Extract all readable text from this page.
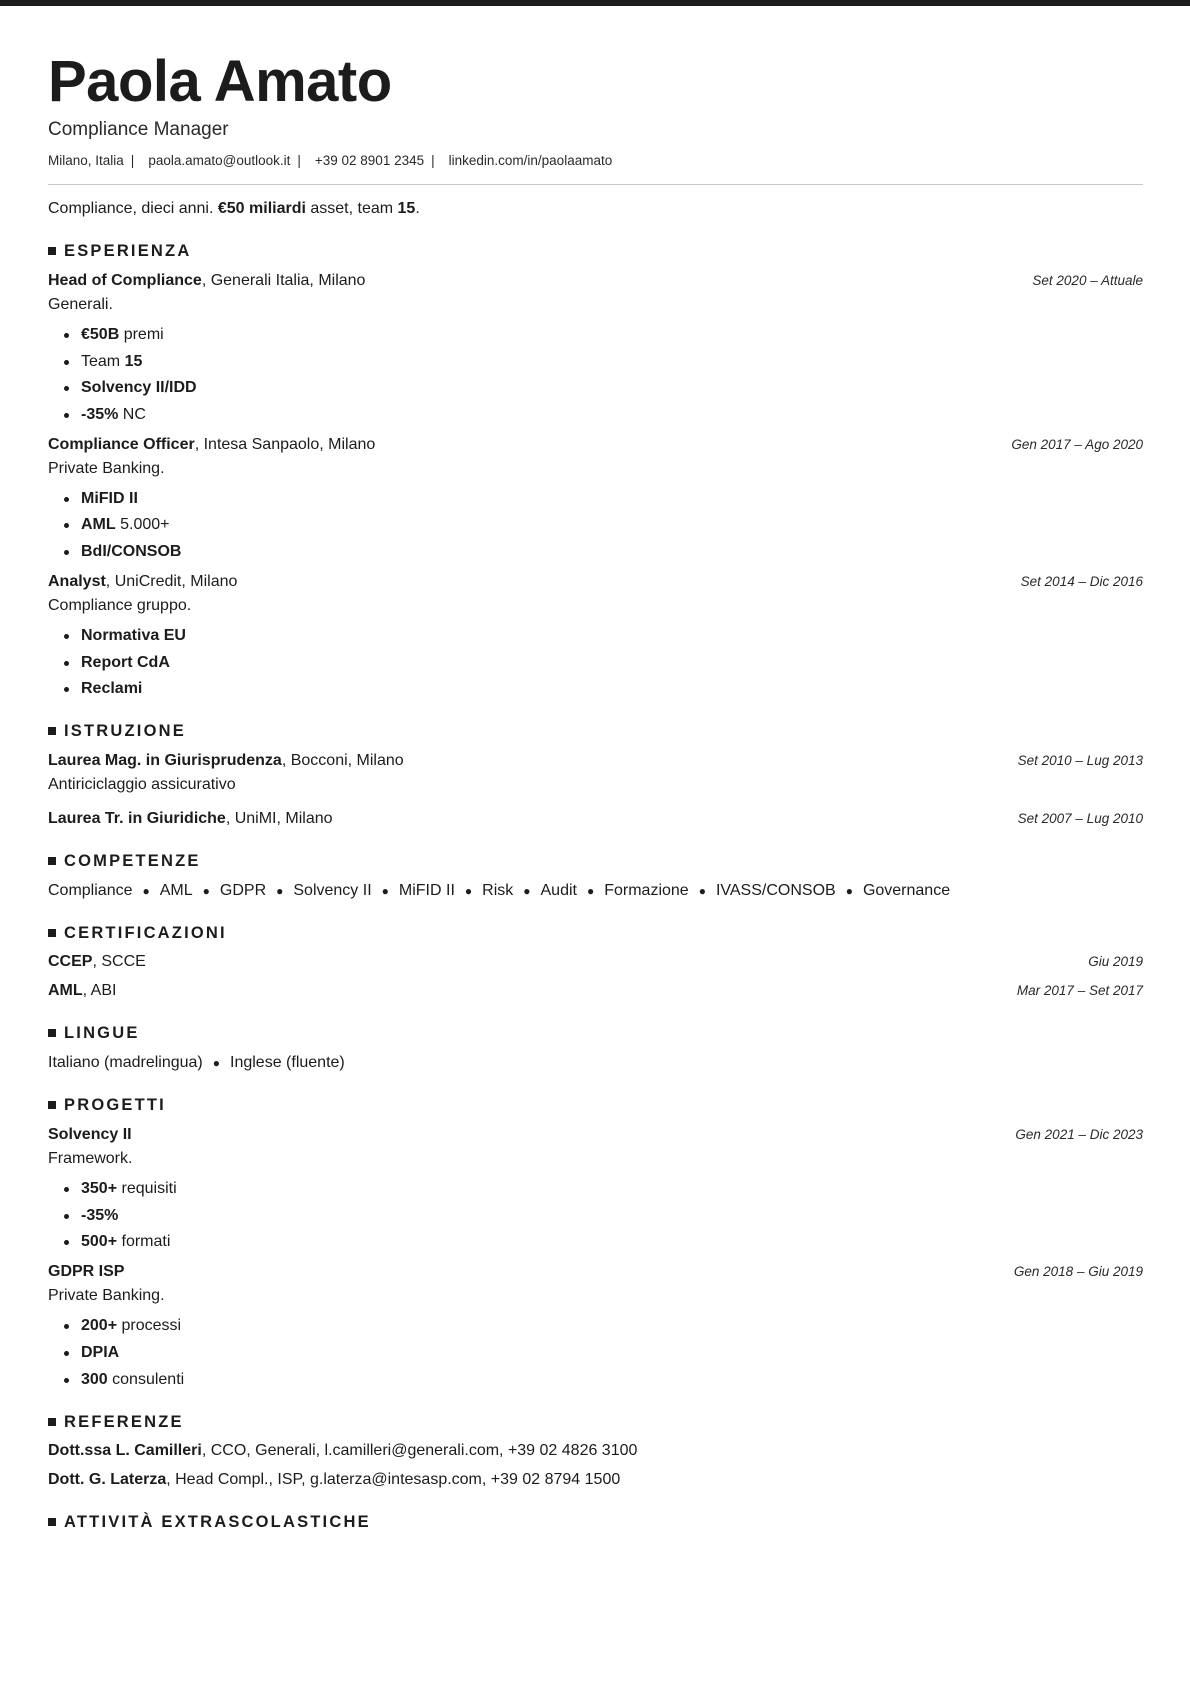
Paola Amato
Compliance Manager
Milano, Italia | paola.amato@outlook.it | +39 02 8901 2345 | linkedin.com/in/paolaamato
Compliance, dieci anni. €50 miliardi asset, team 15.
ESPERIENZA
Head of Compliance, Generali Italia, Milano	Set 2020 – Attuale
Generali.
€50B premi
Team 15
Solvency II/IDD
-35% NC
Compliance Officer, Intesa Sanpaolo, Milano	Gen 2017 – Ago 2020
Private Banking.
MiFID II
AML 5.000+
BdI/CONSOB
Analyst, UniCredit, Milano	Set 2014 – Dic 2016
Compliance gruppo.
Normativa EU
Report CdA
Reclami
ISTRUZIONE
Laurea Mag. in Giurisprudenza, Bocconi, Milano	Set 2010 – Lug 2013
Antiriciclaggio assicurativo
Laurea Tr. in Giuridiche, UniMI, Milano	Set 2007 – Lug 2010
COMPETENZE
Compliance ● AML ● GDPR ● Solvency II ● MiFID II ● Risk ● Audit ● Formazione ● IVASS/CONSOB ● Governance
CERTIFICAZIONI
CCEP, SCCE	Giu 2019
AML, ABI	Mar 2017 – Set 2017
LINGUE
Italiano (madrelingua) ● Inglese (fluente)
PROGETTI
Solvency II	Gen 2021 – Dic 2023
Framework.
350+ requisiti
-35%
500+ formati
GDPR ISP	Gen 2018 – Giu 2019
Private Banking.
200+ processi
DPIA
300 consulenti
REFERENZE
Dott.ssa L. Camilleri, CCO, Generali, l.camilleri@generali.com, +39 02 4826 3100
Dott. G. Laterza, Head Compl., ISP, g.laterza@intesasp.com, +39 02 8794 1500
ATTIVITÀ EXTRASCOLASTICHE
